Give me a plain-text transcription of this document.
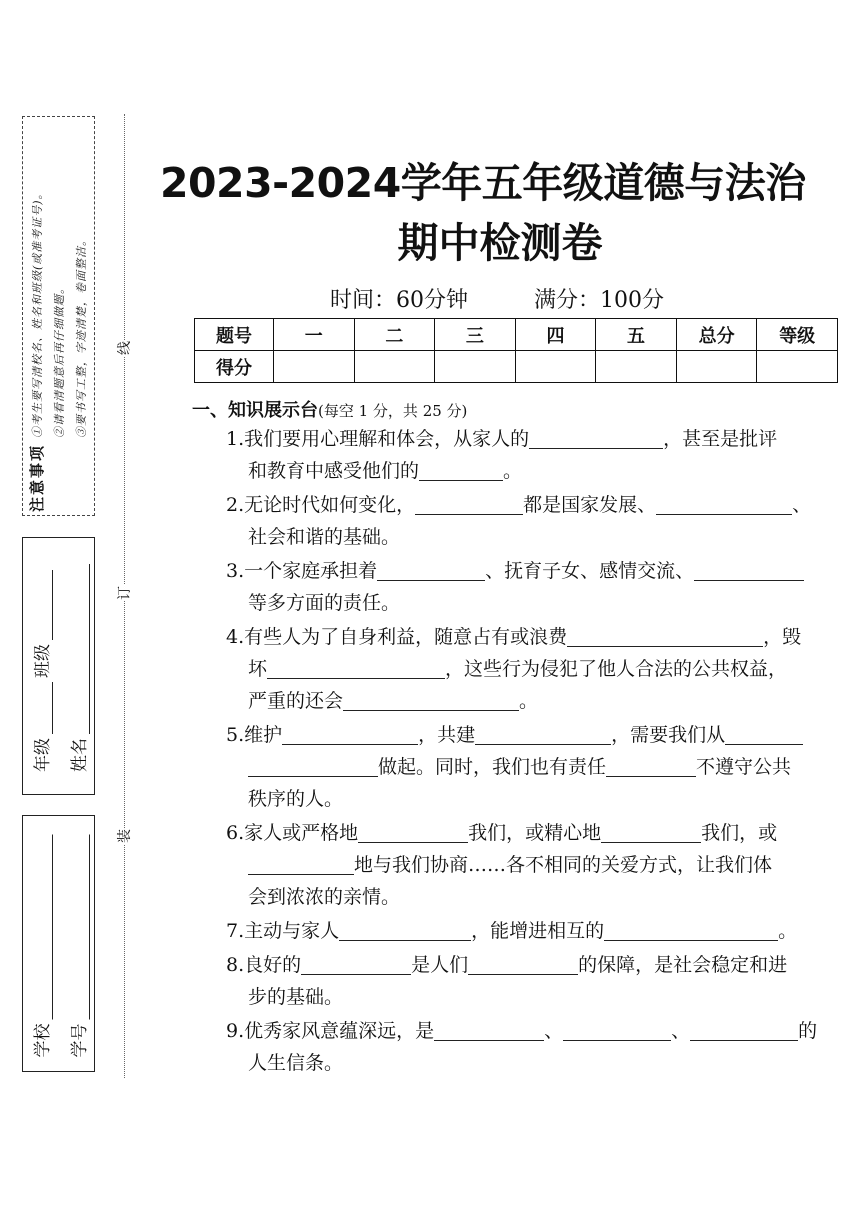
注意事项
①考生要写清校名、姓名和班级(或准考证号)。 ②请看清题意后再仔细做题。 ③要书写工整，字迹清楚，卷面整洁。
年级
班级
姓名
学校 学号
线
订
装
2023-2024学年五年级道德与法治
期中检测卷
时间：60分钟	满分：100分
题号	一	二	三	四	五	总分	等级
得分							
一、知识展示台(每空 1 分，共 25 分)
1.我们要用心理解和体会，从家人的	，甚至是批评
和教育中感受他们的	。
2.无论时代如何变化，	都是国家发展、	、
社会和谐的基础。
3.一个家庭承担着	、抚育子女、感情交流、
等多方面的责任。
4.有些人为了自身利益，随意占有或浪费	，毁
坏	，这些行为侵犯了他人合法的公共权益，
严重的还会	。
5.维护	，共建	，需要我们从
做起。同时，我们也有责任	不遵守公共
秩序的人。
6.家人或严格地	我们，或精心地	我们，或
地与我们协商……各不相同的关爱方式，让我们体
会到浓浓的亲情。
7.主动与家人	，能增进相互的	。
8.良好的	是人们	的保障，是社会稳定和进
步的基础。
9.优秀家风意蕴深远，是	、	、	的
人生信条。
